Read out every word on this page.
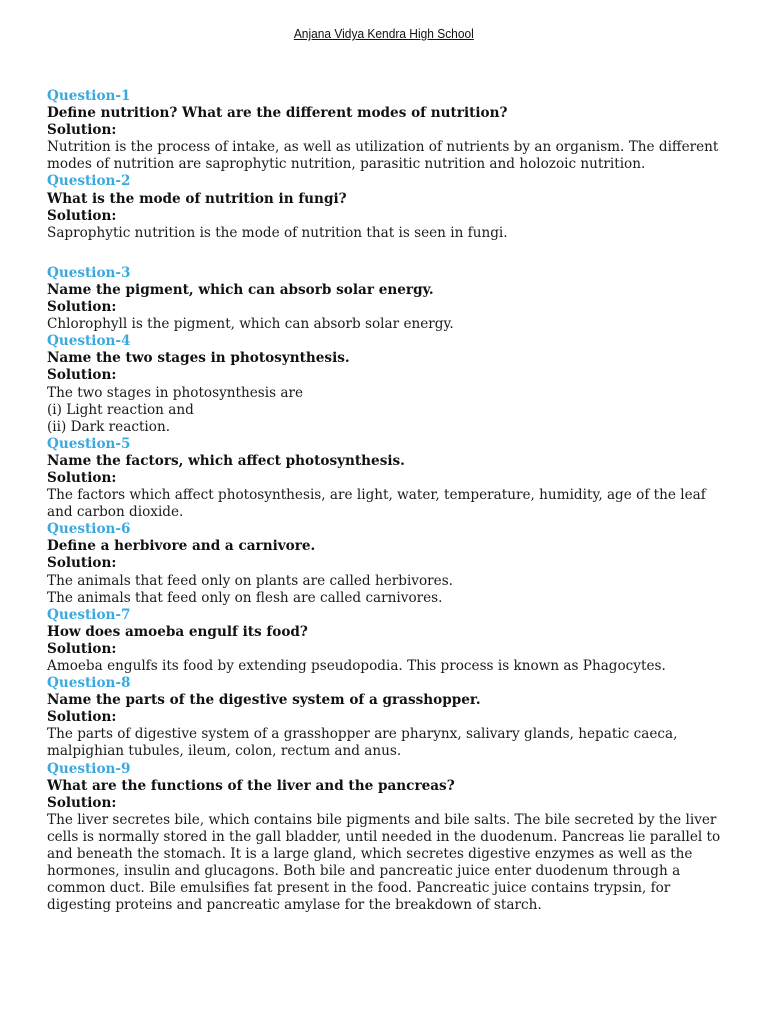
Anjana Vidya Kendra High School
Question-1
Define nutrition? What are the different modes of nutrition?
Solution:
Nutrition is the process of intake, as well as utilization of nutrients by an organism. The different modes of nutrition are saprophytic nutrition, parasitic nutrition and holozoic nutrition.
Question-2
What is the mode of nutrition in fungi?
Solution:
Saprophytic nutrition is the mode of nutrition that is seen in fungi.
Question-3
Name the pigment, which can absorb solar energy.
Solution:
Chlorophyll is the pigment, which can absorb solar energy.
Question-4
Name the two stages in photosynthesis.
Solution:
The two stages in photosynthesis are
(i) Light reaction and
(ii) Dark reaction.
Question-5
Name the factors, which affect photosynthesis.
Solution:
The factors which affect photosynthesis, are light, water, temperature, humidity, age of the leaf and carbon dioxide.
Question-6
Define a herbivore and a carnivore.
Solution:
The animals that feed only on plants are called herbivores.
The animals that feed only on flesh are called carnivores.
Question-7
How does amoeba engulf its food?
Solution:
Amoeba engulfs its food by extending pseudopodia. This process is known as Phagocytes.
Question-8
Name the parts of the digestive system of a grasshopper.
Solution:
The parts of digestive system of a grasshopper are pharynx, salivary glands, hepatic caeca, malpighian tubules, ileum, colon, rectum and anus.
Question-9
What are the functions of the liver and the pancreas?
Solution:
The liver secretes bile, which contains bile pigments and bile salts. The bile secreted by the liver cells is normally stored in the gall bladder, until needed in the duodenum. Pancreas lie parallel to and beneath the stomach. It is a large gland, which secretes digestive enzymes as well as the hormones, insulin and glucagons. Both bile and pancreatic juice enter duodenum through a common duct. Bile emulsifies fat present in the food. Pancreatic juice contains trypsin, for digesting proteins and pancreatic amylase for the breakdown of starch.
